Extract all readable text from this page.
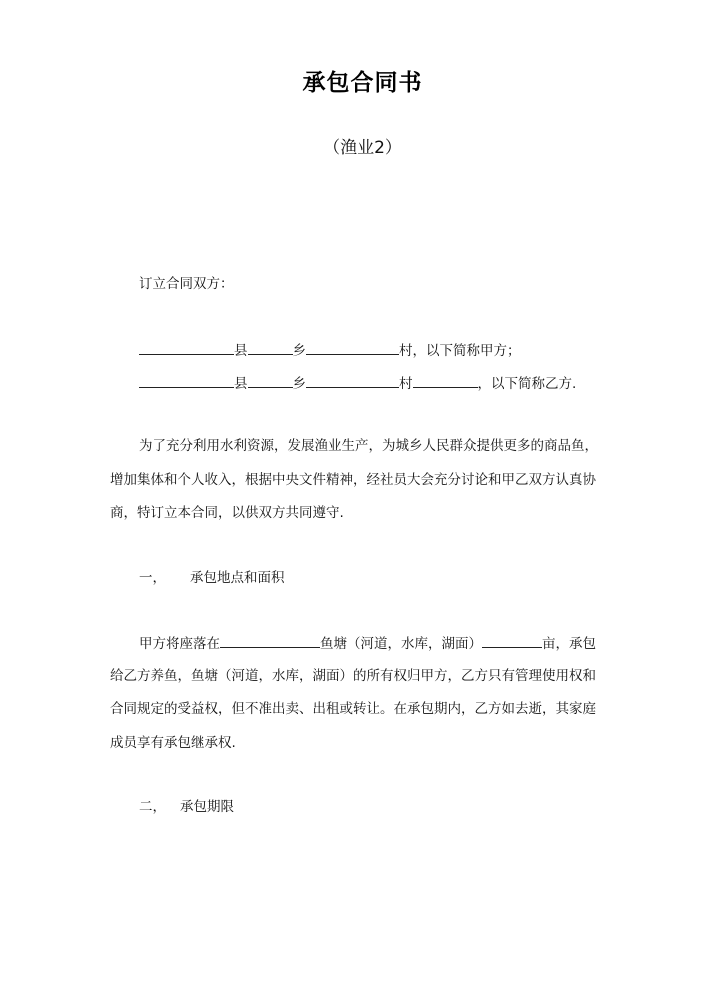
承包合同书
（渔业2）
订立合同双方：
县	乡	村，以下简称甲方；
县	乡	村	，以下简称乙方.
为了充分利用水利资源，发展渔业生产，为城乡人民群众提供更多的商品鱼，
增加集体和个人收入，根据中央文件精神，经社员大会充分讨论和甲乙双方认真协
商，特订立本合同，以供双方共同遵守.
一， 承包地点和面积
甲方将座落在	鱼塘（河道，水库，湖面）	亩，承包
给乙方养鱼，鱼塘（河道，水库，湖面）的所有权归甲方，乙方只有管理使用权和
合同规定的受益权，但不准出卖、出租或转让。在承包期内，乙方如去逝，其家庭
成员享有承包继承权.
二， 承包期限
